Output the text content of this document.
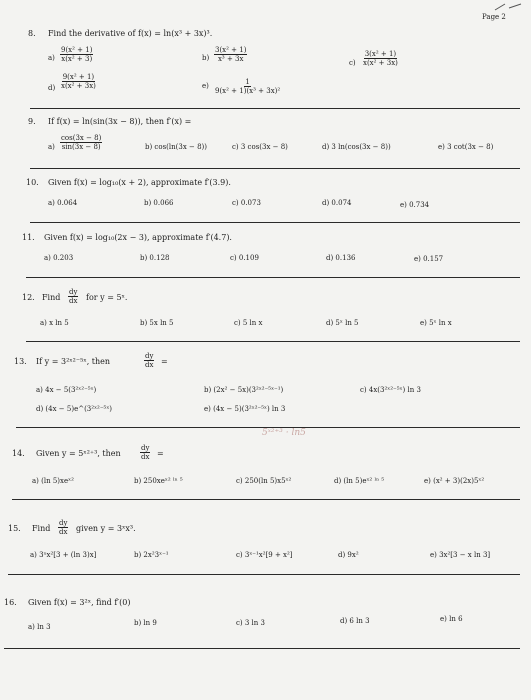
Page 2
8. Find the derivative of f(x) = ln(x³ + 3x)³.
$a) \frac{\text{9(x² + 1)}}{\text{x(x² + 3)}}$	$b) \frac{\text{3(x² + 1)}}{\text{x³ + 3x}}$	$c) \frac{\text{3(x² + 1)}}{\text{x(x² + 3x)}}$
$d) \frac{\text{9(x² + 1)}}{\text{x(x² + 3x)}}$	$e) \frac{1}{\text{9(x² + 1)(x³ + 3x)²}}$
9. If f(x) = ln(sin(3x − 8)), then f′(x) =
$a) \frac{\cos(3x - 8)}{\sin(3x - 8)}$	b) cos(ln(3x − 8))	c) 3 cos(3x − 8)	d) 3 ln(cos(3x − 8))	e) 3 cot(3x − 8)
10. Given f(x) = log₁₀(x + 2), approximate f′(3.9).
a) 0.064	b) 0.066	c) 0.073	d) 0.074	e) 0.734
11. Given f(x) = log₁₀(2x − 3), approximate f′(4.7).
a) 0.203	b) 0.128	c) 0.109	d) 0.136	e) 0.157
12. Find $\frac{dy}{dx}$ for y = 5ˣ.
a) x ln 5	b) 5x ln 5	c) 5 ln x	d) 5ˣ ln 5	e) 5ˣ ln x
13. If y = 3²ˣ²⁻⁵ˣ, then	$\frac{dy}{dx}$ =
a) 4x − 5(3²ˣ²⁻⁵ˣ)	b) (2x² − 5x)(3²ˣ²⁻⁵ˣ⁻¹)	c) 4x(3²ˣ²⁻⁵ˣ) ln 3
d) (4x − 5)e^(3²ˣ²⁻⁵ˣ)	e) (4x − 5)(3²ˣ²⁻⁵ˣ) ln 3
14. Given y = 5ˣ²⁺³, then	$\frac{dy}{dx}$ =
5ˣ²⁺³ · ln5
a) (ln 5)xeˣ²	b) 250xeˣ² ˡⁿ ⁵	c) 250(ln 5)x5ˣ²	d) (ln 5)eˣ² ˡⁿ ⁵	e) (x² + 3)(2x)5ˣ²
15. Find $\frac{dy}{dx}$ given y = 3ˣx³.
a) 3ˣx²[3 + (ln 3)x]	b) 2x²3ˣ⁻¹	c) 3ˣ⁻¹x²[9 + x²]	d) 9x²	e) 3x²[3 − x ln 3]
16. Given f(x) = 3²ˣ, find f′(0)
a) ln 3	b) ln 9	c) 3 ln 3	d) 6 ln 3	e) ln 6
